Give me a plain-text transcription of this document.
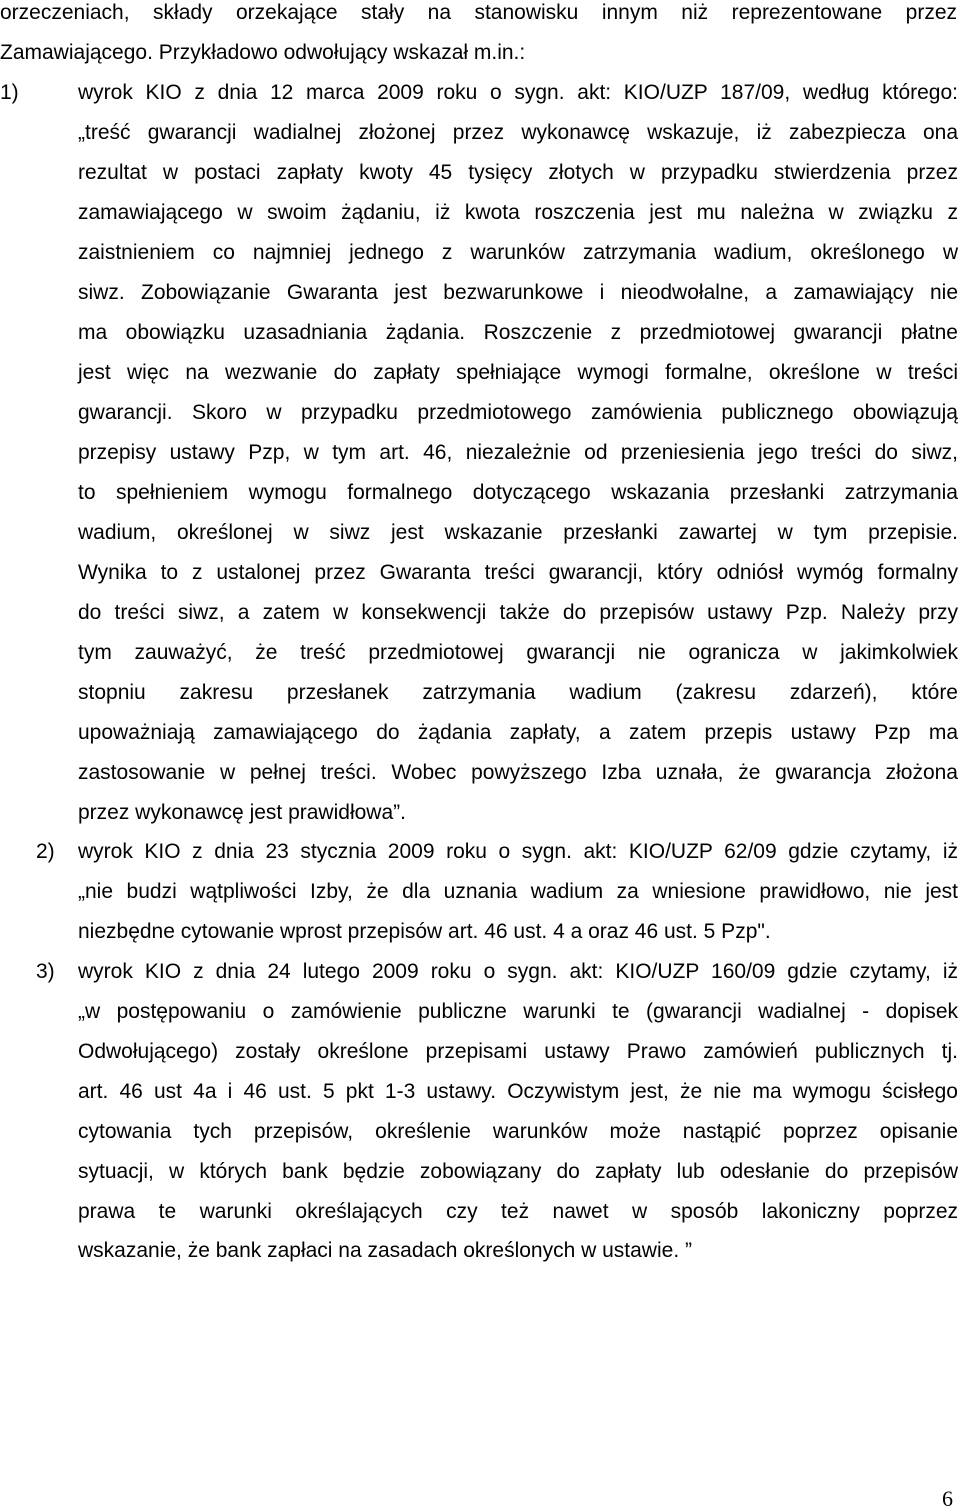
orzeczeniach, składy orzekające stały na stanowisku innym niż reprezentowane przez
Zamawiającego. Przykładowo odwołujący wskazał m.in.:
1)	wyrok KIO z dnia 12 marca 2009 roku o sygn. akt: KIO/UZP 187/09, według którego:
„treść gwarancji wadialnej złożonej przez wykonawcę wskazuje, iż zabezpiecza ona
rezultat w postaci zapłaty kwoty 45 tysięcy złotych w przypadku stwierdzenia przez
zamawiającego w swoim żądaniu, iż kwota roszczenia jest mu należna w związku z
zaistnieniem co najmniej jednego z warunków zatrzymania wadium, określonego w
siwz. Zobowiązanie Gwaranta jest bezwarunkowe i nieodwołalne, a zamawiający nie
ma obowiązku uzasadniania żądania. Roszczenie z przedmiotowej gwarancji płatne
jest więc na wezwanie do zapłaty spełniające wymogi formalne, określone w treści
gwarancji. Skoro w przypadku przedmiotowego zamówienia publicznego obowiązują
przepisy ustawy Pzp, w tym art. 46, niezależnie od przeniesienia jego treści do siwz,
to spełnieniem wymogu formalnego dotyczącego wskazania przesłanki zatrzymania
wadium, określonej w siwz jest wskazanie przesłanki zawartej w tym przepisie.
Wynika to z ustalonej przez Gwaranta treści gwarancji, który odniósł wymóg formalny
do treści siwz, a zatem w konsekwencji także do przepisów ustawy Pzp. Należy przy
tym zauważyć, że treść przedmiotowej gwarancji nie ogranicza w jakimkolwiek
stopniu zakresu przesłanek zatrzymania wadium (zakresu zdarzeń), które
upoważniają zamawiającego do żądania zapłaty, a zatem przepis ustawy Pzp ma
zastosowanie w pełnej treści. Wobec powyższego Izba uznała, że gwarancja złożona
przez wykonawcę jest prawidłowa”.
2) wyrok KIO z dnia 23 stycznia 2009 roku o sygn. akt: KIO/UZP 62/09 gdzie czytamy, iż
„nie budzi wątpliwości Izby, że dla uznania wadium za wniesione prawidłowo, nie jest
niezbędne cytowanie wprost przepisów art. 46 ust. 4 a oraz 46 ust. 5 Pzp".
3) wyrok KIO z dnia 24 lutego 2009 roku o sygn. akt: KIO/UZP 160/09 gdzie czytamy, iż
„w postępowaniu o zamówienie publiczne warunki te (gwarancji wadialnej - dopisek
Odwołującego) zostały określone przepisami ustawy Prawo zamówień publicznych tj.
art. 46 ust 4a i 46 ust. 5 pkt 1-3 ustawy. Oczywistym jest, że nie ma wymogu ścisłego
cytowania tych przepisów, określenie warunków może nastąpić poprzez opisanie
sytuacji, w których bank będzie zobowiązany do zapłaty lub odesłanie do przepisów
prawa te warunki określających czy też nawet w sposób lakoniczny poprzez
wskazanie, że bank zapłaci na zasadach określonych w ustawie. ”
6
